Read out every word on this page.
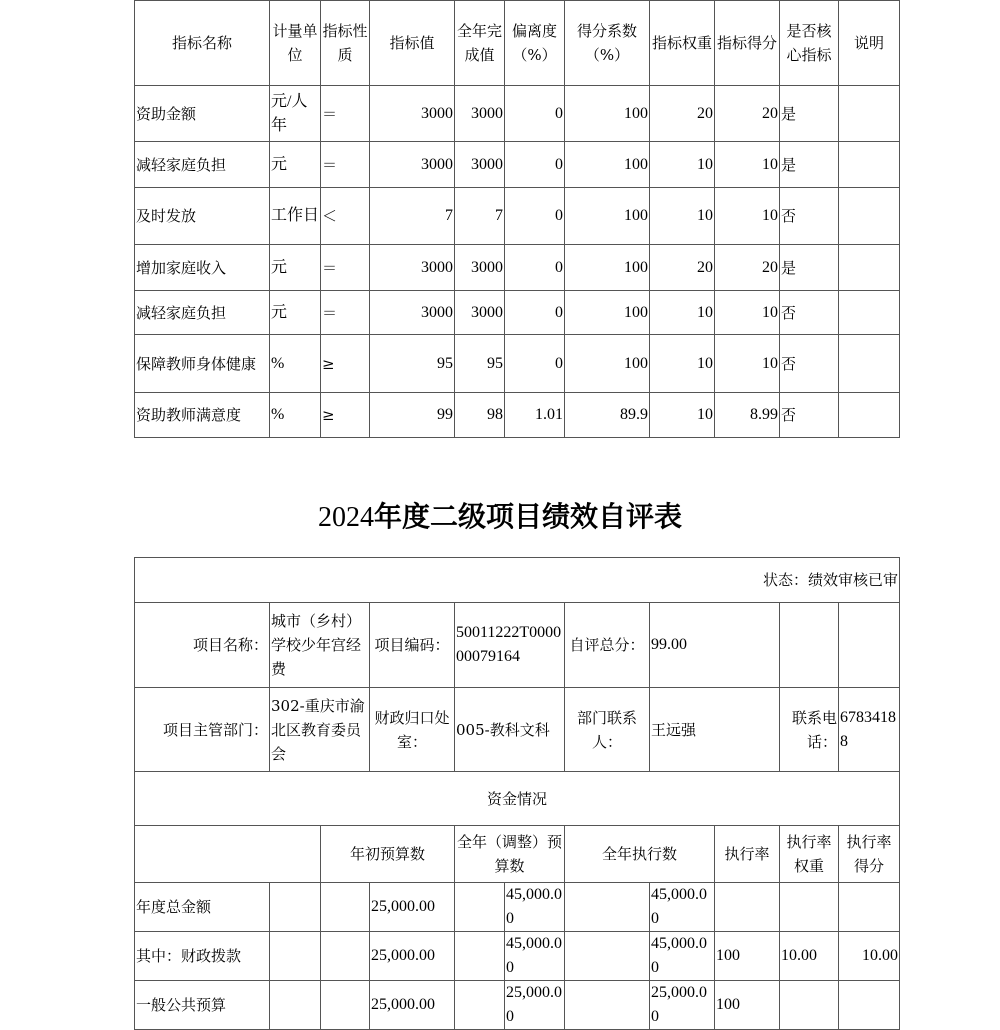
指标名称	计量单位	指标性质	指标值	全年完成值	偏离度（%）	得分系数（%）	指标权重	指标得分	是否核心指标	说明
资助金额	元/人年	＝	3000	3000	0	100	20	20	是	
减轻家庭负担	元	＝	3000	3000	0	100	10	10	是	
及时发放	工作日	＜	7	7	0	100	10	10	否	
增加家庭收入	元	＝	3000	3000	0	100	20	20	是	
减轻家庭负担	元	＝	3000	3000	0	100	10	10	否	
保障教师身体健康	%	≥	95	95	0	100	10	10	否	
资助教师满意度	%	≥	99	98	1.01	89.9	10	8.99	否	
2024年度二级项目绩效自评表
状态：绩效审核已审										
项目名称：	城市（乡村）学校少年宫经费		项目编码：	50011222T000000079164		自评总分：	99.00			
项目主管部门：	302-重庆市渝北区教育委员会		财政归口处室：	005-教科文科		部门联系人：	王远强		联系电话：	67834188
资金情况										
		年初预算数		全年（调整）预算数		全年执行数		执行率	执行率权重	执行率得分
年度总金额			25,000.00		45,000.00		45,000.00			
其中：财政拨款			25,000.00		45,000.00		45,000.00	100	10.00	10.00
一般公共预算			25,000.00		25,000.00		25,000.00	100		
